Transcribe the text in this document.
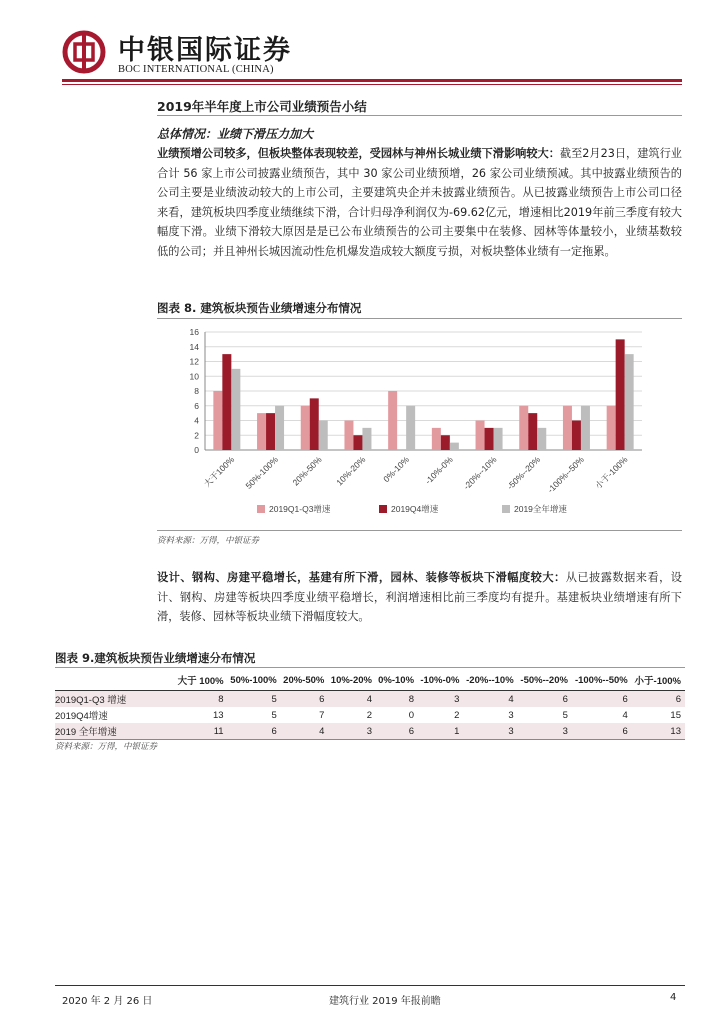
中银国际证券
BOC INTERNATIONAL (CHINA)
2019年半年度上市公司业绩预告小结
总体情况：业绩下滑压力加大
业绩预增公司较多，但板块整体表现较差，受园林与神州长城业绩下滑影响较大：截至2月23日，建筑行业合计 56 家上市公司披露业绩预告，其中 30 家公司业绩预增，26 家公司业绩预减。其中披露业绩预告的公司主要是业绩波动较大的上市公司，主要建筑央企并未披露业绩预告。从已披露业绩预告上市公司口径来看，建筑板块四季度业绩继续下滑，合计归母净利润仅为-69.62亿元，增速相比2019年前三季度有较大幅度下滑。业绩下滑较大原因是是已公布业绩预告的公司主要集中在装修、园林等体量较小，业绩基数较低的公司；并且神州长城因流动性危机爆发造成较大额度亏损，对板块整体业绩有一定拖累。
图表 8. 建筑板块预告业绩增速分布情况
0
2
4
6
8
10
12
14
16
大于100% 50%-100% 20%-50% 10%-20% 0%-10% -10%-0% -20%--10% -50%--20% -100%--50% 小于-100%
2019Q1-Q3增速	2019Q4增速	2019全年增速
资料来源：万得，中银证券
设计、钢构、房建平稳增长，基建有所下滑，园林、装修等板块下滑幅度较大：从已披露数据来看，设计、钢构、房建等板块四季度业绩平稳增长，利润增速相比前三季度均有提升。基建板块业绩增速有所下滑，装修、园林等板块业绩下滑幅度较大。
图表 9.建筑板块预告业绩增速分布情况
	大于 100%	50%-100%	20%-50%	10%-20%	0%-10%	-10%-0%	-20%--10%	-50%--20%	-100%--50%	小于-100%
2019Q1-Q3 增速	8	5	6	4	8	3	4	6	6	6
2019Q4增速	13	5	7	2	0	2	3	5	4	15
2019 全年增速	11	6	4	3	6	1	3	3	6	13
资料来源：万得，中银证券
2020 年 2 月 26 日	建筑行业 2019 年报前瞻	4
